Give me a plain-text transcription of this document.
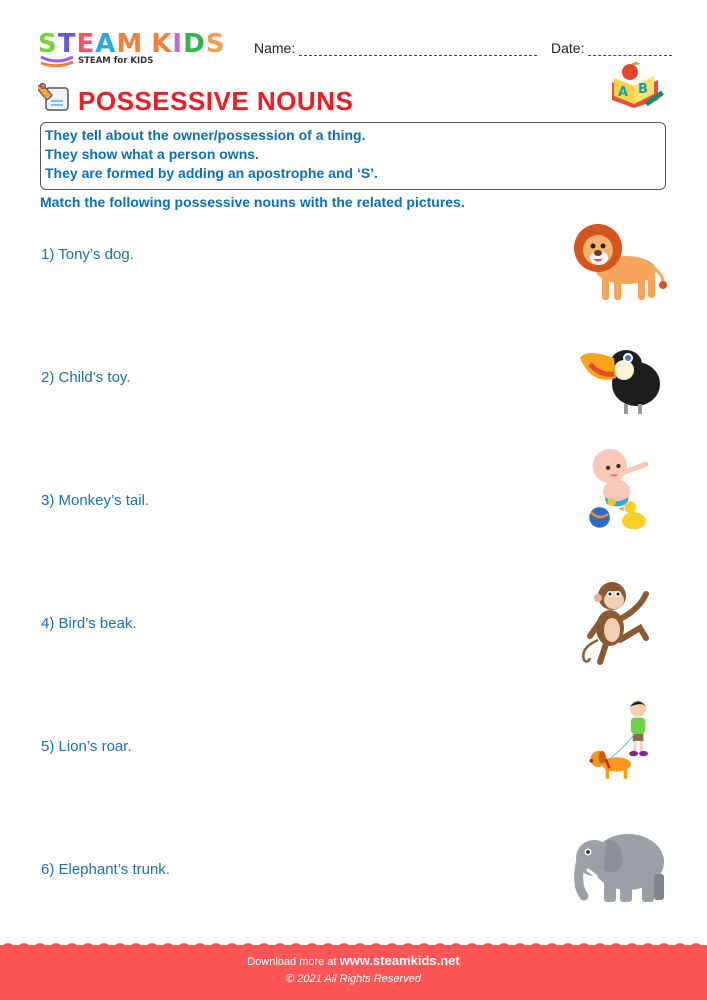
STEAM KIDS
STEAM for KIDS
Name:	Date:
POSSESSIVE NOUNS	A B
They tell about the owner/possession of a thing.
They show what a person owns.
They are formed by adding an apostrophe and ‘S’.
Match the following possessive nouns with the related pictures.
1) Tony’s dog.
2) Child’s toy.
3) Monkey’s tail.
4) Bird’s beak.
5) Lion’s roar.
6) Elephant’s trunk.
Download more at www.steamkids.net
© 2021 All Rights Reserved
